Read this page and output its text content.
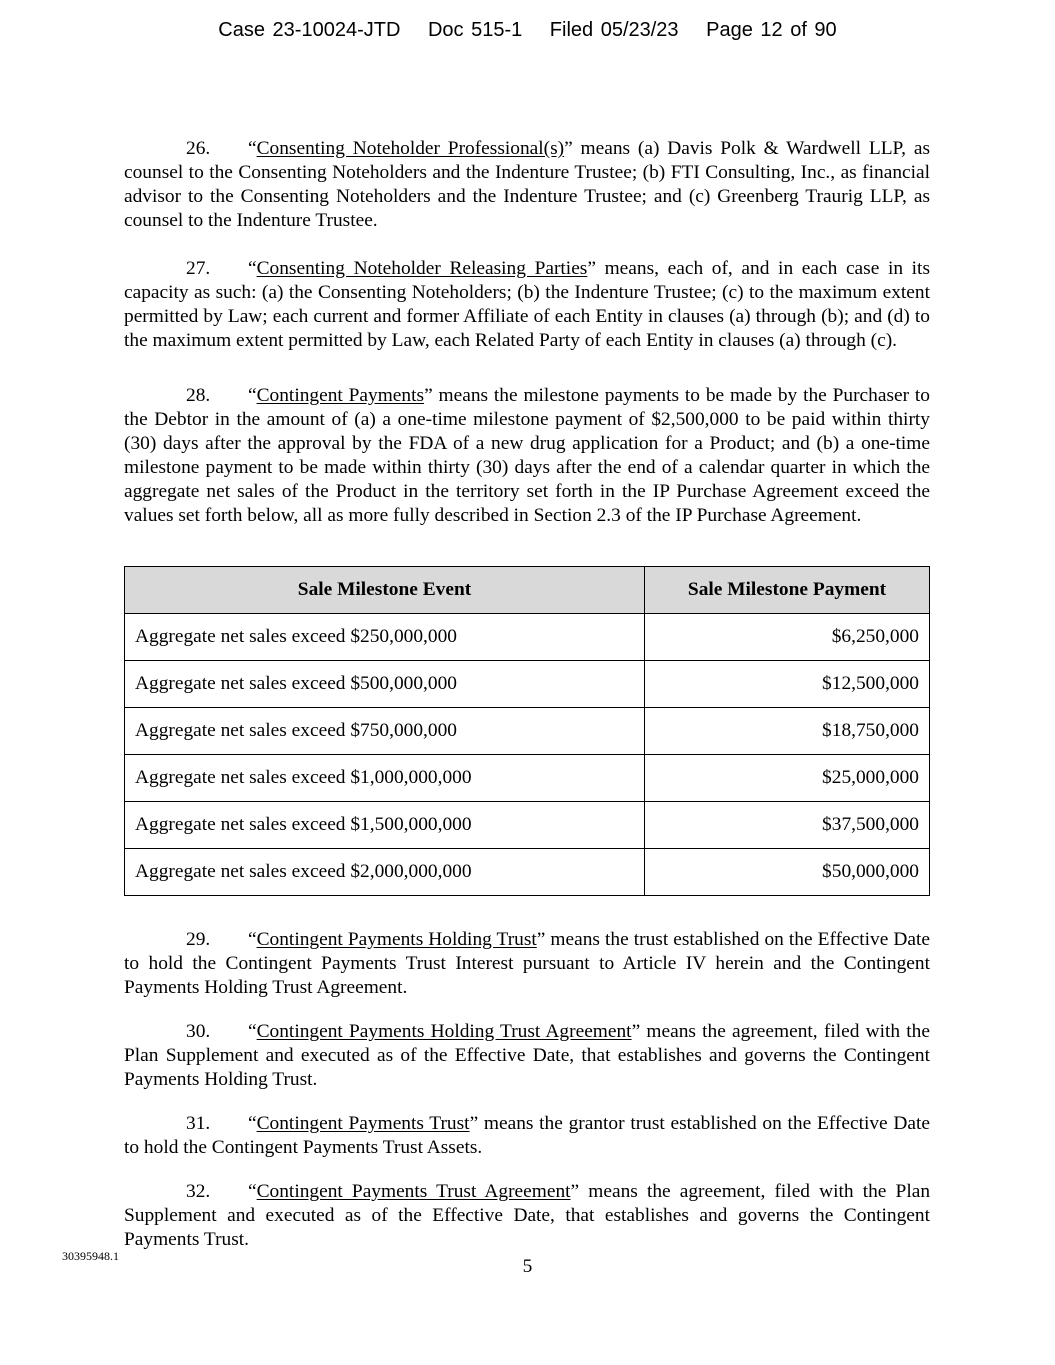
Case 23-10024-JTD Doc 515-1 Filed 05/23/23 Page 12 of 90
26. “Consenting Noteholder Professional(s)” means (a) Davis Polk & Wardwell LLP, as counsel to the Consenting Noteholders and the Indenture Trustee; (b) FTI Consulting, Inc., as financial advisor to the Consenting Noteholders and the Indenture Trustee; and (c) Greenberg Traurig LLP, as counsel to the Indenture Trustee.
27. “Consenting Noteholder Releasing Parties” means, each of, and in each case in its capacity as such: (a) the Consenting Noteholders; (b) the Indenture Trustee; (c) to the maximum extent permitted by Law; each current and former Affiliate of each Entity in clauses (a) through (b); and (d) to the maximum extent permitted by Law, each Related Party of each Entity in clauses (a) through (c).
28. “Contingent Payments” means the milestone payments to be made by the Purchaser to the Debtor in the amount of (a) a one-time milestone payment of $2,500,000 to be paid within thirty (30) days after the approval by the FDA of a new drug application for a Product; and (b) a one-time milestone payment to be made within thirty (30) days after the end of a calendar quarter in which the aggregate net sales of the Product in the territory set forth in the IP Purchase Agreement exceed the values set forth below, all as more fully described in Section 2.3 of the IP Purchase Agreement.
29. “Contingent Payments Holding Trust” means the trust established on the Effective Date to hold the Contingent Payments Trust Interest pursuant to Article IV herein and the Contingent Payments Holding Trust Agreement.
30. “Contingent Payments Holding Trust Agreement” means the agreement, filed with the Plan Supplement and executed as of the Effective Date, that establishes and governs the Contingent Payments Holding Trust.
31. “Contingent Payments Trust” means the grantor trust established on the Effective Date to hold the Contingent Payments Trust Assets.
32. “Contingent Payments Trust Agreement” means the agreement, filed with the Plan Supplement and executed as of the Effective Date, that establishes and governs the Contingent Payments Trust.
Sale Milestone Event	Sale Milestone Payment
Aggregate net sales exceed $250,000,000	$6,250,000
Aggregate net sales exceed $500,000,000	$12,500,000
Aggregate net sales exceed $750,000,000	$18,750,000
Aggregate net sales exceed $1,000,000,000	$25,000,000
Aggregate net sales exceed $1,500,000,000	$37,500,000
Aggregate net sales exceed $2,000,000,000	$50,000,000
30395948.1	5
